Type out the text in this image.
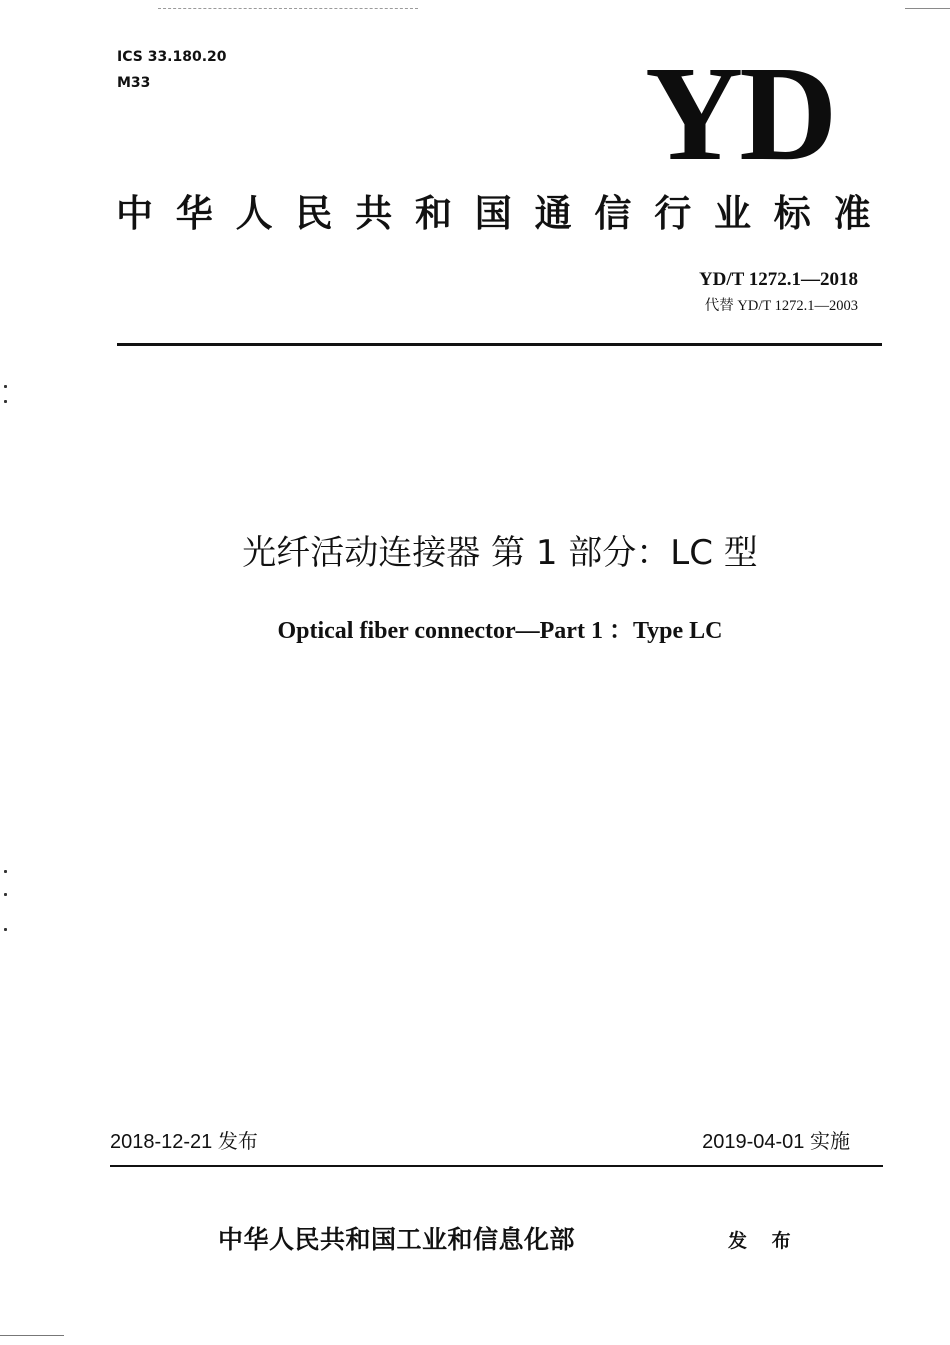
ICS 33.180.20
M33	YD
中华人民共和国通信行业标准
YD/T 1272.1—2018
代替 YD/T 1272.1—2003
光纤活动连接器 第 1 部分：LC 型
Optical fiber connector—Part 1 ：Type LC
2018-12-21 发布	2019-04-01 实施
中华人民共和国工业和信息化部	发 布
